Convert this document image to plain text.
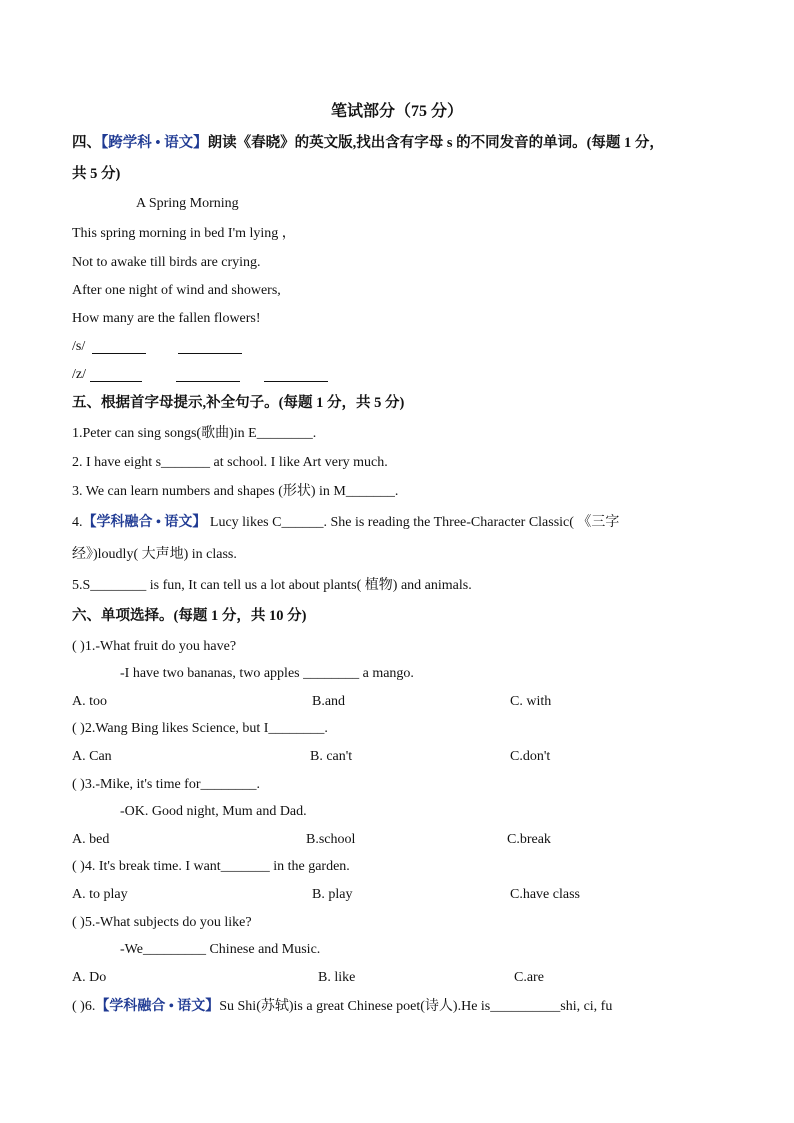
笔试部分（75 分）
四、【跨学科 • 语文】朗读《春晓》的英文版,找出含有字母 s 的不同发音的单词。(每题 1 分，
共 5 分)
A Spring Morning
This spring morning in bed I'm lying ，
Not to awake till birds are crying.
After one night of wind and showers,
How many are the fallen flowers!
/s/
/z/
五、根据首字母提示,补全句子。(每题 1 分，共 5 分)
1.Peter can sing songs(歌曲)in E________.
2. I have eight s_______ at school. I like Art very much.
3. We can learn numbers and shapes (形状) in M_______.
4.【学科融合 • 语文】 Lucy likes C______. She is reading the Three-Character Classic( 《三字
经》)loudly( 大声地) in class.
5.S________ is fun, It can tell us a lot about plants( 植物) and animals.
六、单项选择。(每题 1 分，共 10 分)
( )1.-What fruit do you have?
-I have two bananas, two apples ________ a mango.
A. too	B.and	C. with
( )2.Wang Bing likes Science, but I________.
A. Can	B. can't	C.don't
( )3.-Mike, it's time for________.
-OK. Good night, Mum and Dad.
A. bed	B.school	C.break
( )4. It's break time. I want_______ in the garden.
A. to play	B. play	C.have class
( )5.-What subjects do you like?
-We_________ Chinese and Music.
A. Do	B. like	C.are
( )6.【学科融合 • 语文】Su Shi(苏轼)is a great Chinese poet(诗人).He is__________shi, ci, fu
